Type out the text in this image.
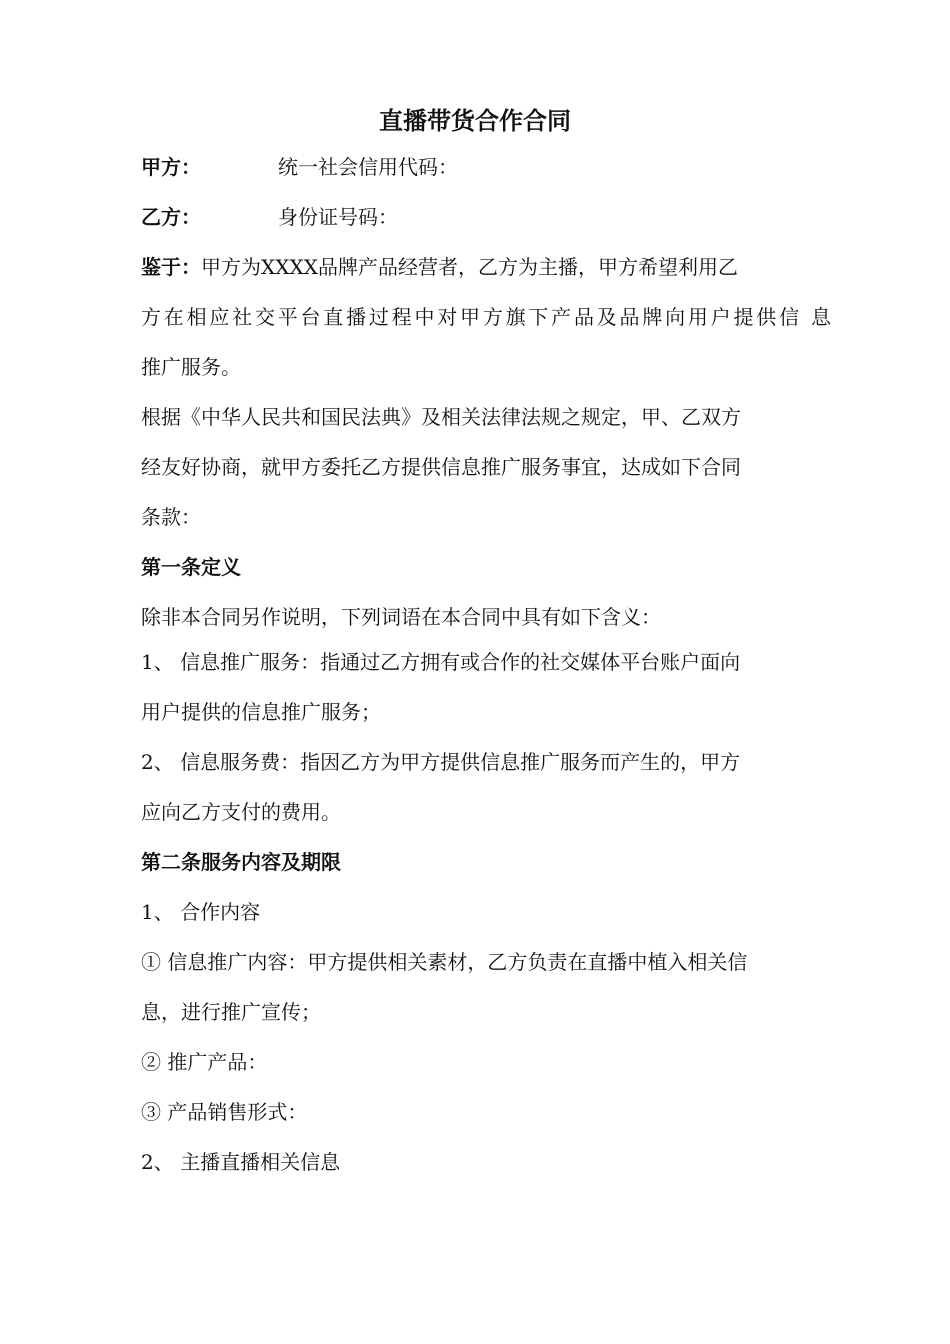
直播带货合作合同

甲方：	统一社会信用代码：

乙方：	身份证号码：

鉴于：甲方为XXXX品牌产品经营者，乙方为主播，甲方希望利用乙

方在相应社交平台直播过程中对甲方旗下产品及品牌向用户提供信 息

推广服务。

根据《中华人民共和国民法典》及相关法律法规之规定，甲、乙双方

经友好协商，就甲方委托乙方提供信息推广服务事宜，达成如下合同

条款：

第一条定义

除非本合同另作说明，下列词语在本合同中具有如下含义：

1、 信息推广服务：指通过乙方拥有或合作的社交媒体平台账户面向

用户提供的信息推广服务；

2、 信息服务费：指因乙方为甲方提供信息推广服务而产生的，甲方

应向乙方支付的费用。

第二条服务内容及期限

1、 合作内容

① 信息推广内容：甲方提供相关素材，乙方负责在直播中植入相关信

息，进行推广宣传；

② 推广产品：

③ 产品销售形式：

2、 主播直播相关信息
